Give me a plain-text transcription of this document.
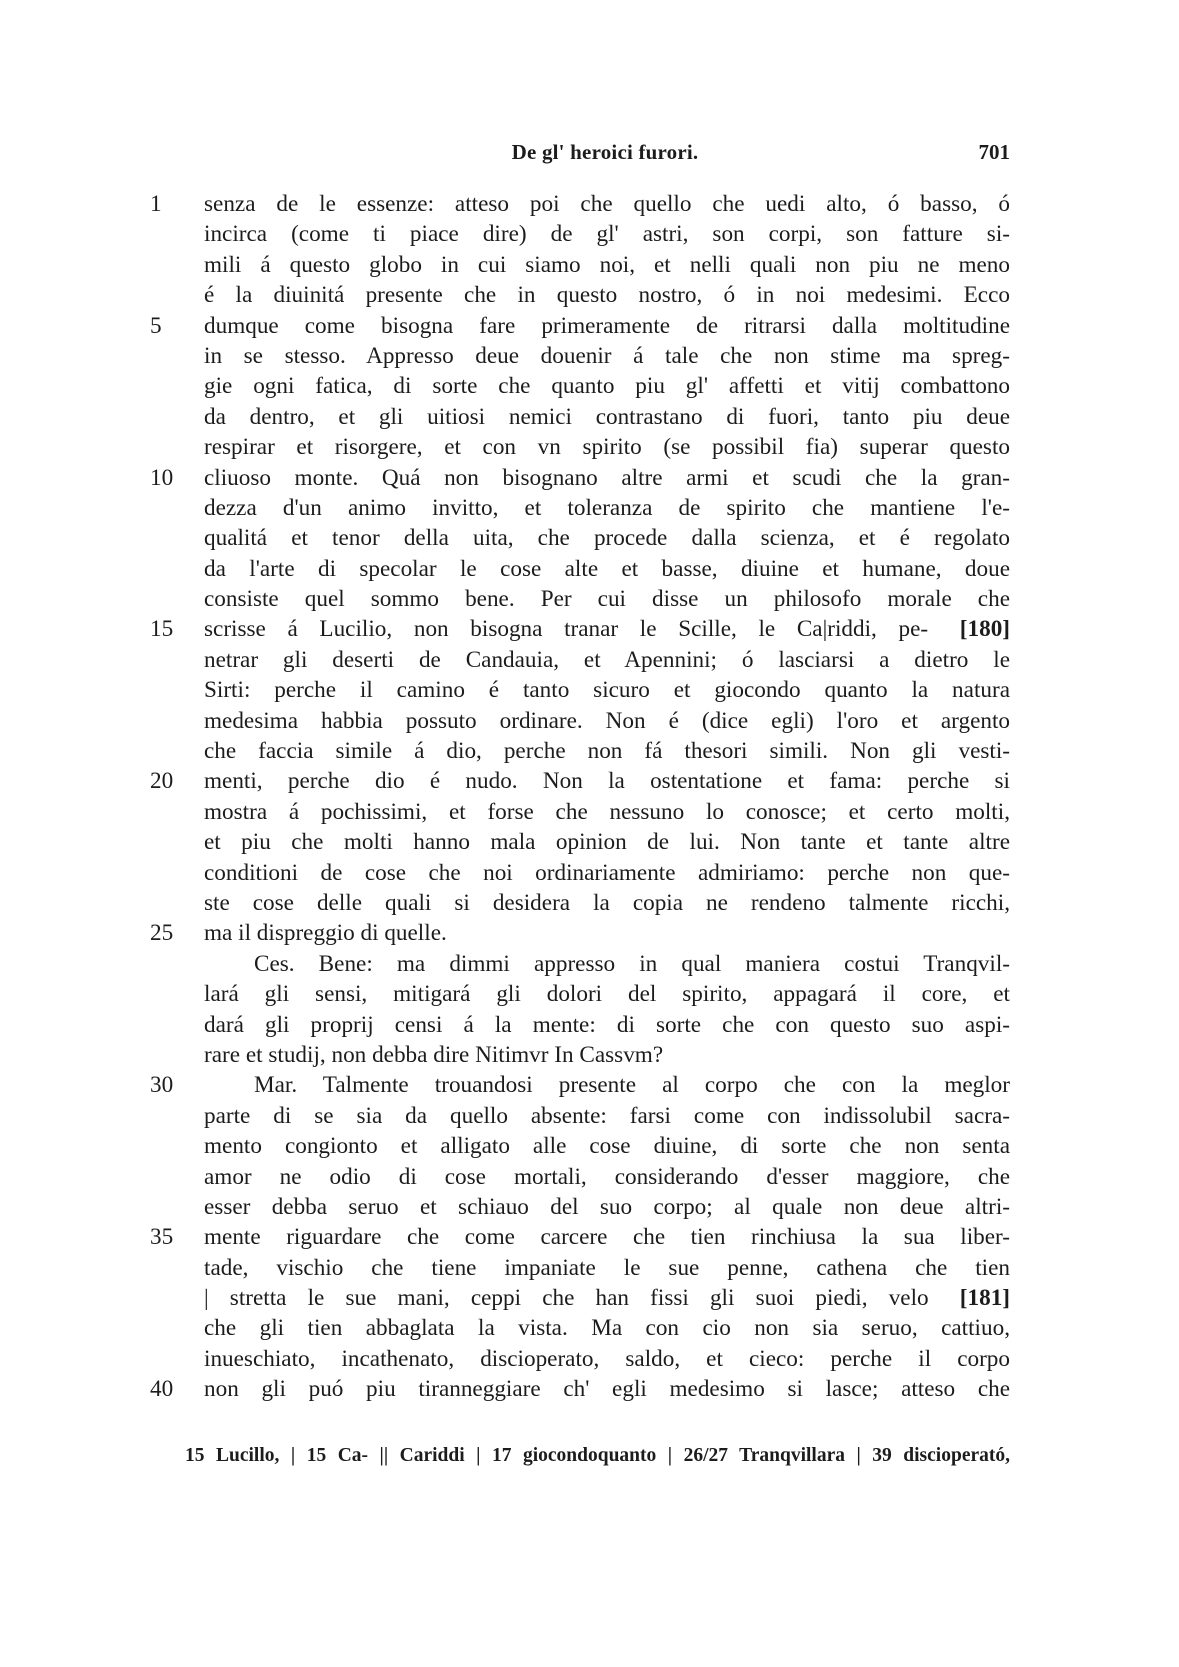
De gl' heroici furori.	701
1	senza de le essenze: atteso poi che quello che uedi alto, ó basso, ó
incirca (come ti piace dire) de gl' astri, son corpi, son fatture si-
mili á questo globo in cui siamo noi, et nelli quali non piu ne meno
é la diuinitá presente che in questo nostro, ó in noi medesimi. Ecco
5	dumque come bisogna fare primeramente de ritrarsi dalla moltitudine
in se stesso. Appresso deue douenir á tale che non stime ma spreg-
gie ogni fatica, di sorte che quanto piu gl' affetti et vitij combattono
da dentro, et gli uitiosi nemici contrastano di fuori, tanto piu deue
respirar et risorgere, et con vn spirito (se possibil fia) superar questo
10	cliuoso monte. Quá non bisognano altre armi et scudi che la gran-
dezza d'un animo invitto, et toleranza de spirito che mantiene l'e-
qualitá et tenor della uita, che procede dalla scienza, et é regolato
da l'arte di specolar le cose alte et basse, diuine et humane, doue
consiste quel sommo bene. Per cui disse un philosofo morale che
15	scrisse á Lucilio, non bisogna tranar le Scille, le Ca|riddi, pe- [180]
netrar gli deserti de Candauia, et Apennini; ó lasciarsi a dietro le
Sirti: perche il camino é tanto sicuro et giocondo quanto la natura
medesima habbia possuto ordinare. Non é (dice egli) l'oro et argento
che faccia simile á dio, perche non fá thesori simili. Non gli vesti-
20	menti, perche dio é nudo. Non la ostentatione et fama: perche si
mostra á pochissimi, et forse che nessuno lo conosce; et certo molti,
et piu che molti hanno mala opinion de lui. Non tante et tante altre
conditioni de cose che noi ordinariamente admiriamo: perche non que-
ste cose delle quali si desidera la copia ne rendeno talmente ricchi,
25	ma il dispreggio di quelle.
Ces. Bene: ma dimmi appresso in qual maniera costui Tranqvil-
lará gli sensi, mitigará gli dolori del spirito, appagará il core, et
dará gli proprij censi á la mente: di sorte che con questo suo aspi-
rare et studij, non debba dire Nitimvr In Cassvm?
30	Mar. Talmente trouandosi presente al corpo che con la meglor
parte di se sia da quello absente: farsi come con indissolubil sacra-
mento congionto et alligato alle cose diuine, di sorte che non senta
amor ne odio di cose mortali, considerando d'esser maggiore, che
esser debba seruo et schiauo del suo corpo; al quale non deue altri-
35	mente riguardare che come carcere che tien rinchiusa la sua liber-
tade, vischio che tiene impaniate le sue penne, cathena che tien
| stretta le sue mani, ceppi che han fissi gli suoi piedi, velo [181]
che gli tien abbaglata la vista. Ma con cio non sia seruo, cattiuo,
inueschiato, incathenato, discioperato, saldo, et cieco: perche il corpo
40	non gli puó piu tiranneggiare ch' egli medesimo si lasce; atteso che
15 Lucillo, | 15 Ca- || Cariddi | 17 giocondoquanto | 26/27 Tranqvillara | 39 discioperató,
